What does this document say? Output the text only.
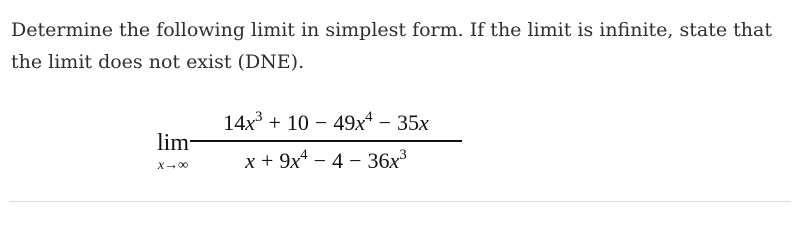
Determine the following limit in simplest form. If the limit is infinite, state that the limit does not exist (DNE).
lim
x→∞
$14x^3 + 10 - 49x^4 - 35x$
$x + 9x^4 - 4 - 36x^3$
